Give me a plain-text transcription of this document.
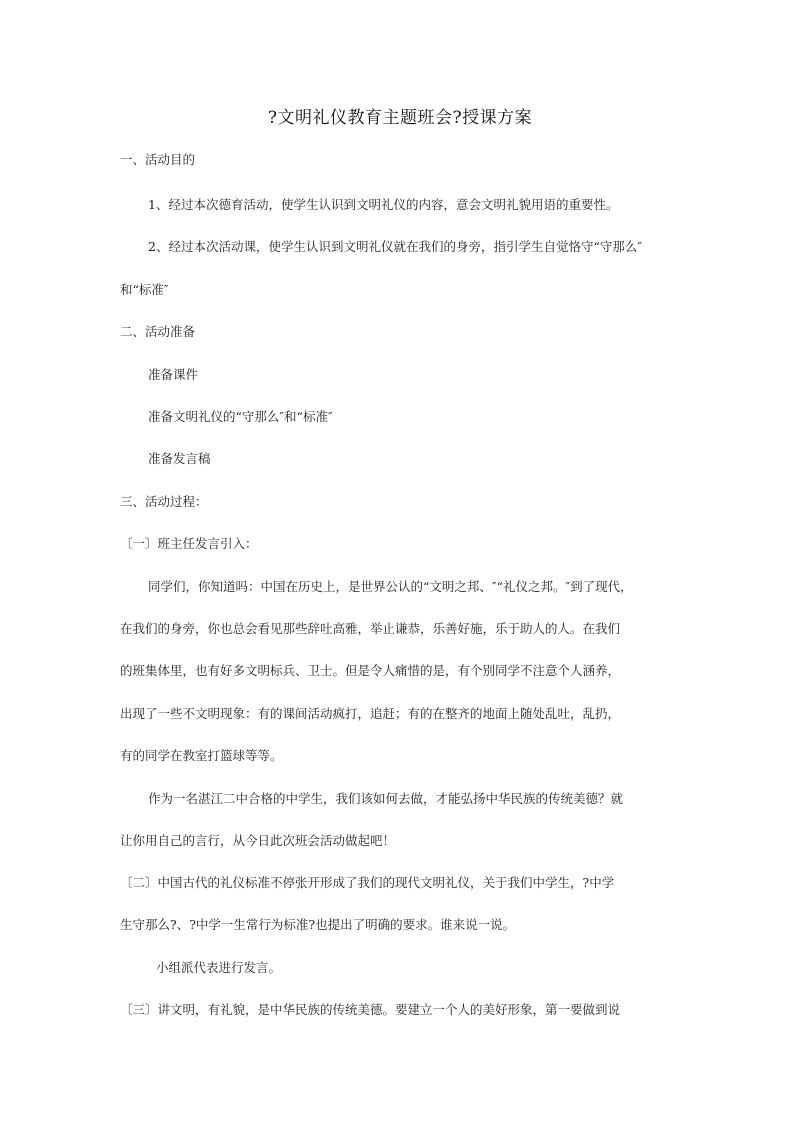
?文明礼仪教育主题班会?授课方案
一、活动目的
1、经过本次德育活动，使学生认识到文明礼仪的内容，意会文明礼貌用语的重要性。
2、经过本次活动课，使学生认识到文明礼仪就在我们的身旁，指引学生自觉恪守“守那么″
和“标准″
二、活动准备
准备课件
准备文明礼仪的“守那么″和“标准″
准备发言稿
三、活动过程：
〔一〕班主任发言引入：
同学们，你知道吗：中国在历史上，是世界公认的“文明之邦、″“礼仪之邦。″到了现代，
在我们的身旁，你也总会看见那些辞吐高雅，举止谦恭，乐善好施，乐于助人的人。在我们
的班集体里，也有好多文明标兵、卫士。但是令人痛惜的是，有个别同学不注意个人涵养，
出现了一些不文明现象：有的课间活动疯打，追赶；有的在整齐的地面上随处乱吐，乱扔，
有的同学在教室打篮球等等。
作为一名湛江二中合格的中学生，我们该如何去做，才能弘扬中华民族的传统美德？就
让你用自己的言行，从今日此次班会活动做起吧！
〔二〕中国古代的礼仪标准不停张开形成了我们的现代文明礼仪，关于我们中学生，?中学
生守那么?、?中学一生常行为标准?也提出了明确的要求。谁来说一说。
小组派代表进行发言。
〔三〕讲文明，有礼貌，是中华民族的传统美德。要建立一个人的美好形象，第一要做到说
